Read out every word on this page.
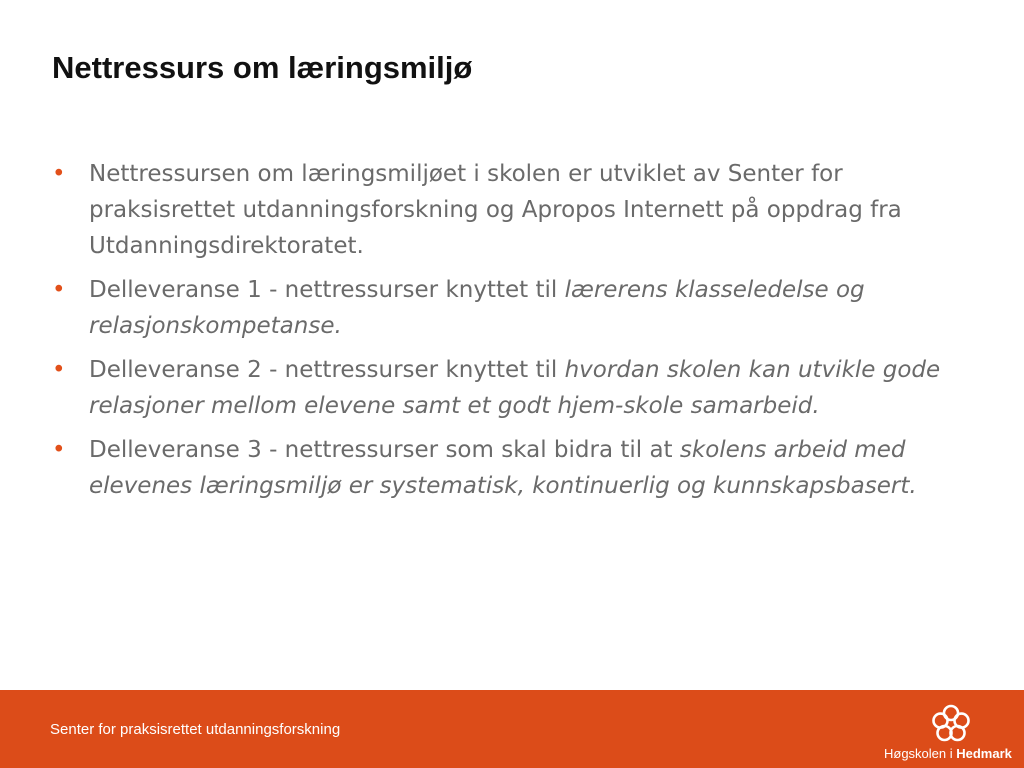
Nettressurs om læringsmiljø
• Nettressursen om læringsmiljøet i skolen er utviklet av Senter for praksisrettet utdanningsforskning og Apropos Internett på oppdrag fra Utdanningsdirektoratet.
• Delleveranse 1 - nettressurser knyttet til lærerens klasseledelse og relasjonskompetanse.
• Delleveranse 2 - nettressurser knyttet til hvordan skolen kan utvikle gode relasjoner mellom elevene samt et godt hjem-skole samarbeid.
• Delleveranse 3 - nettressurser som skal bidra til at skolens arbeid med elevenes læringsmiljø er systematisk, kontinuerlig og kunnskapsbasert.
Senter for praksisrettet utdanningsforskning
Høgskolen i Hedmark
